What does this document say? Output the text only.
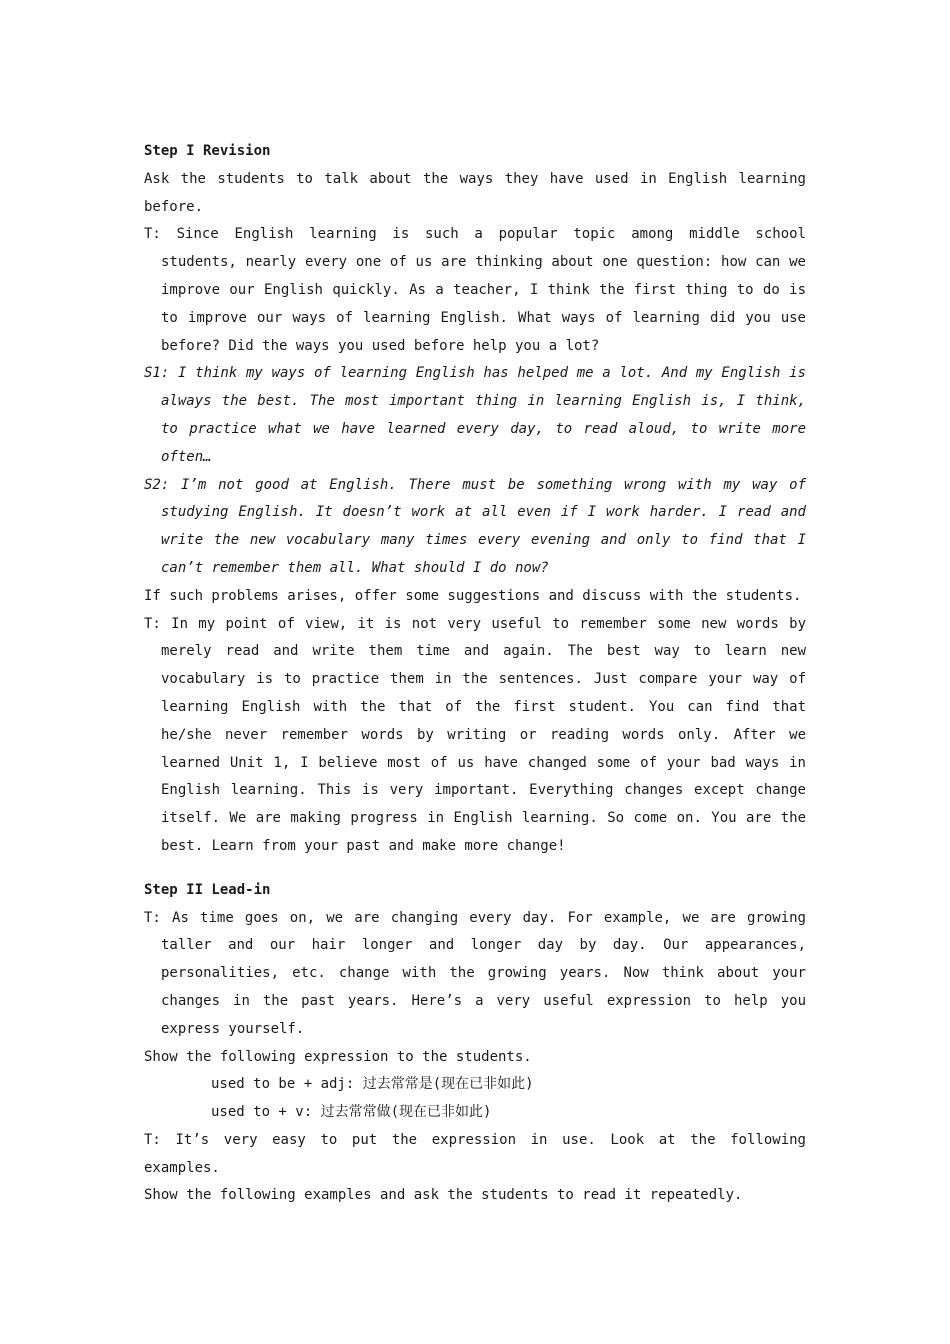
Step I Revision
Ask the students to talk about the ways they have used in English learning before.
T: Since English learning is such a popular topic among middle school students, nearly every one of us are thinking about one question: how can we improve our English quickly. As a teacher, I think the first thing to do is to improve our ways of learning English. What ways of learning did you use before? Did the ways you used before help you a lot?
S1: I think my ways of learning English has helped me a lot. And my English is always the best. The most important thing in learning English is, I think, to practice what we have learned every day, to read aloud, to write more often…
S2: I’m not good at English. There must be something wrong with my way of studying English. It doesn’t work at all even if I work harder. I read and write the new vocabulary many times every evening and only to find that I can’t remember them all. What should I do now?
If such problems arises, offer some suggestions and discuss with the students.
T: In my point of view, it is not very useful to remember some new words by merely read and write them time and again. The best way to learn new vocabulary is to practice them in the sentences. Just compare your way of learning English with the that of the first student. You can find that he/she never remember words by writing or reading words only. After we learned Unit 1, I believe most of us have changed some of your bad ways in English learning. This is very important. Everything changes except change itself. We are making progress in English learning. So come on. You are the best. Learn from your past and make more change!
Step II Lead-in
T: As time goes on, we are changing every day. For example, we are growing taller and our hair longer and longer day by day. Our appearances, personalities, etc. change with the growing years. Now think about your changes in the past years. Here’s a very useful expression to help you express yourself.
Show the following expression to the students.
used to be + adj: 过去常常是(现在已非如此)
used to + v: 过去常常做(现在已非如此)
T: It’s very easy to put the expression in use. Look at the following examples.
Show the following examples and ask the students to read it repeatedly.
